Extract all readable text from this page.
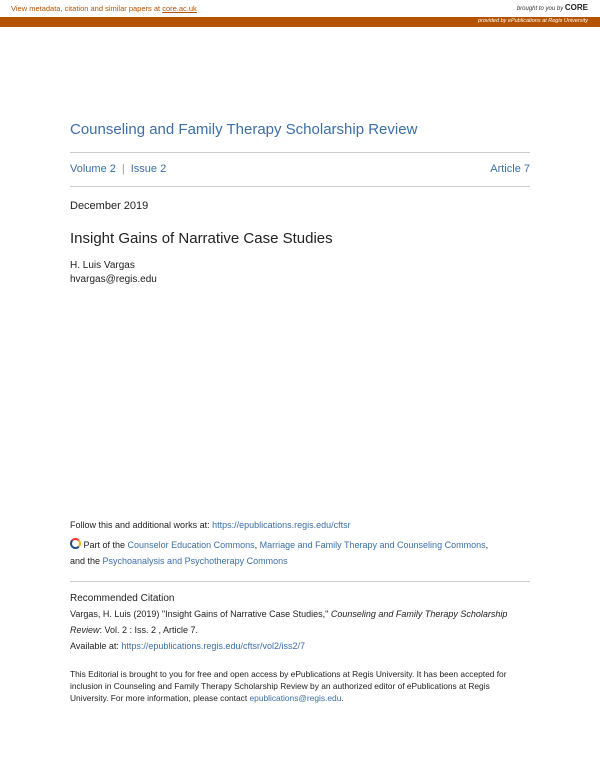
View metadata, citation and similar papers at core.ac.uk	brought to you by CORE
provided by ePublications at Regis University
Counseling and Family Therapy Scholarship Review
Volume 2 | Issue 2	Article 7
December 2019
Insight Gains of Narrative Case Studies
H. Luis Vargas
hvargas@regis.edu
Follow this and additional works at: https://epublications.regis.edu/cftsr
Part of the Counselor Education Commons, Marriage and Family Therapy and Counseling Commons,
and the Psychoanalysis and Psychotherapy Commons
Recommended Citation
Vargas, H. Luis (2019) "Insight Gains of Narrative Case Studies," Counseling and Family Therapy Scholarship Review: Vol. 2 : Iss. 2 , Article 7.
Available at: https://epublications.regis.edu/cftsr/vol2/iss2/7
This Editorial is brought to you for free and open access by ePublications at Regis University. It has been accepted for inclusion in Counseling and Family Therapy Scholarship Review by an authorized editor of ePublications at Regis University. For more information, please contact epublications@regis.edu.
